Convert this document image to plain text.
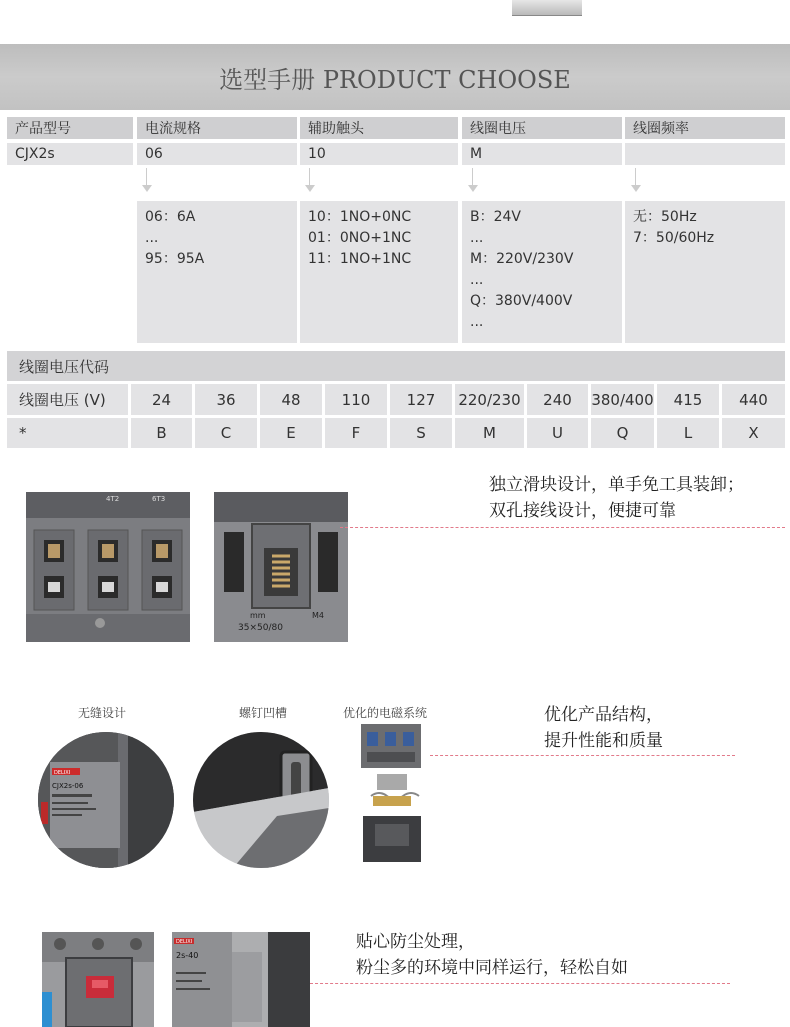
选型手册 PRODUCT CHOOSE
产品型号	电流规格	辅助触头	线圈电压	线圈频率
CJX2s	06	10	M
06：6A
...
95：95A
10：1NO+0NC
01：0NO+1NC
11：1NO+1NC
B：24V
...
M：220V/230V
...
Q：380V/400V
...
无：50Hz
7：50/60Hz
线圈电压代码
线圈电压 (V)	24	36	48	110	127	220/230	240	380/400	415	440
*	B	C	E	F	S	M	U	Q	L	X
4T2	6T3
mm	M4
35×50/80
独立滑块设计，单手免工具装卸；
双孔接线设计，便捷可靠
无缝设计	螺钉凹槽	优化的电磁系统
DELIXI
CJX2s-06
优化产品结构，
提升性能和质量
DELIXI
2s-40
贴心防尘处理，
粉尘多的环境中同样运行，轻松自如
